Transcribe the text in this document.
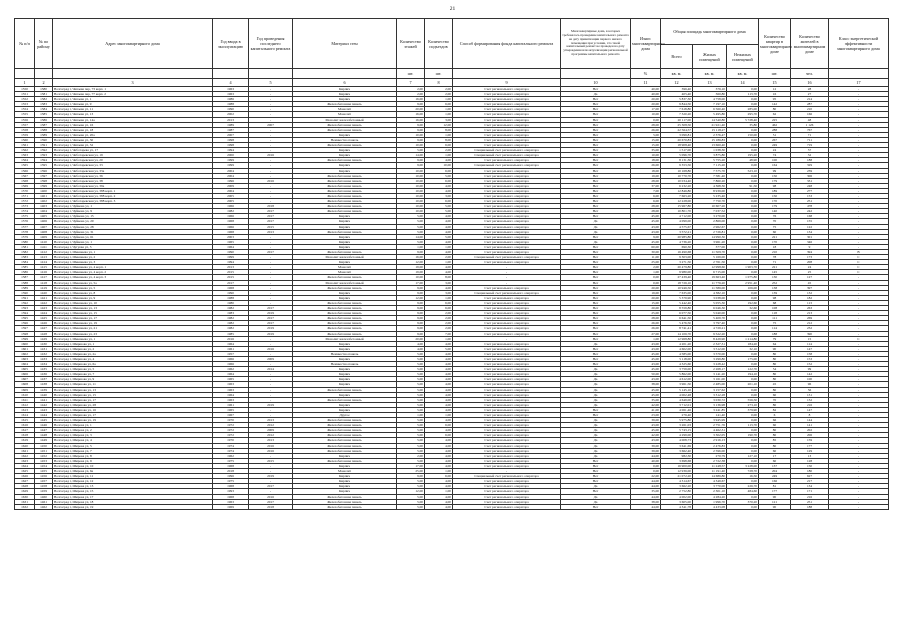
21
№ п/п	№ по району	Адрес многоквартирного дома	Год ввода в эксплуатацию	Год проведения последнего капитального ремонта	Материал стен	Количество этажей	Количество подъездов	Способ формирования фонда капитального ремонта	Многоквартирные дома, в которых требовалось проведение капитального ремонта на дату приватизации первого жилого помещения при условии, что такой капитальный ремонт не проведен на дату утверждения или актуализации региональной программы капитального ремонта	Износ многоквартирного дома	Общая площадь многоквартирного дома			Количество квартир в многоквартирном доме	Количество жителей в многоквартирном доме	Класс энергетической эффективности многоквартирного дома
											Всего	Жилых помещений	Нежилых помещений			
						шт.	шт.			%	кв. м.	кв. м.	кв. м.	шт.	чел.	
1	2	3	4	5	6	7	8	9	10	11	12	13	14	15	16	17
1550	1380	Волгоград г, Чапаева пер, 73 корп. 1	1963	-	Кирпич	2,00	2,00	Счет регионального оператора	Нет	40,00	396,40	376,10	0,00	12	28	-
1551	1381	Волгоград г, Чапаева пер, 77 корп. 2	1963	-	Кирпич	2,00	2,00	Счет регионального оператора	Да	40,00	405,40	360,80	113,70	16	27	-
1552	1382	Волгоград г, Чапаева ул, 1	1986	-	Кирпич	16,00	1,00	Счет регионального оператора	Нет	20,00	5 837,30	4 758,00	0,00	95	214	-
1553	1383	Волгоград г, Чапаева ул, 9	1988	-	Железобетонная панель	9,00	6,00	Счет регионального оператора	Нет	20,00	9 844,50	7 197,10	0,00	142	287	-
1554	1384	Волгоград г, Чапаева ул, 11	1990	-	Монолит	20,00	1,00	Счет регионального оператора	Нет	17,00	7 618,80	6 560,40	285,00	80	210	-
1555	1385	Волгоград г, Чапаева ул, 13	2002	-	Монолит	16,00	1,00	Счет регионального оператора	Нет	10,00	7 320,20	5 495,80	295,70	62	166	-
1556	1386	Волгоград г, Чапаева ул, 14а	2013	-	Монолит железобетонный	16,00	3,00	Счет регионального оператора	Нет	0,00	20 117,00	14 540,80	5 728,40	225	48	-
1557	1387	Волгоград г, Чапаева ул, 16	1989	2007	Железобетонная панель	9,00	12,00	Счет регионального оператора	Нет	28,00	25 308,50	21 921,40	35,80	462	1 126	-
1558	1388	Волгоград г, Чапаева ул, 18	1987	-	Железобетонная панель	9,00	8,00	Счет регионального оператора	Нет	26,00	22 564,57	15 118,27	0,00	288	767	-
1559	1389	Волгоград г, Чапаева ул, 20а	2007	-	Кирпич	10,00	1,00	Счет регионального оператора	Нет	5,00	3 099,81	2 376,47	150,00	51	71	-
1560	1390	Волгоград г, Чапаева ул, 30	1998	-	Неизвестно панель	9,00	8,00	Счет регионального оператора	Нет	15,00	20 670,83	15 186,83	0,00	267	711	-
1561	1391	Волгоград г, Чапаева ул, 32	1998	-	Железобетонная панель	10,00	6,00	Счет регионального оператора	Нет	15,00	18 908,40	13 660,40	0,00	249	719	-
1562	1392	Волгоград г, Чеботарева ул, 17	1994	-	Кирпич	5,00	2,00	Специальный счет регионального оператора	Нет	35,00	1 517,00	1 038,30	0,00	24	57	-
1563	1393	Волгоград г, Чеботаревская ул, 19	2000	2016	Кирпич	14,00	1,00	Специальный счет регионального оператора	Нет	10,00	5 096,70	3 875,80	195,20	74	32	-
1564	1394	Волгоград г, Чеботаревская ул, 20	1999	-	Железобетонная панель	9,00	4,00	Счет регионального оператора	Нет	18,00	8 131,30	5 755,20	48,90	100	188	-
1565	1395	Волгоград г, Чеботаревская ул, 33	1999	-	Кирпич	9,00	10,00	Специальный счет регионального оператора	Нет	26,00	9 353,50	7 115,20	0,00	164	329	-
1566	1396	Волгоград г, Чеботаревская ул, 33а	2004	-	Кирпич	10,00	6,00	Счет регионального оператора	Нет	18,00	10 168,80	7 575,70	523,10	99	239	-
1567	1397	Волгоград г, Чеботаревская ул, 36	2004	-	Железобетонная панель	10,00	5,00	Счет регионального оператора	Нет	19,00	10 770,70	7 581,40	0,00	150	306	-
1568	1398	Волгоград г, Чеботаревская ул, 38	1996	2016	Железобетонная панель	10,00	6,00	Счет регионального оператора	Нет	28,00	10 034,40	7 860,20	0,00	179	331	-
1569	1399	Волгоград г, Чеботаревская ул, 39а	2009	-	Железобетонная панель	10,00	4,00	Счет регионального оператора	Нет	37,00	6 232,20	4 368,30	91,50	98	248	-
1570	1400	Волгоград г, Чеботаревская ул, 388 корп. 1	2004	-	Железобетонная панель	10,00	4,00	Счет регионального оператора	Нет	7,00	12 846,80	8 939,00	0,00	189	277	-
1571	1401	Волгоград г, Чеботаревская ул, 388 корп. 2	2005	-	Железобетонная панель	10,00	3,00	Счет регионального оператора	Нет	6,00	7 663,20	5 235,40	0,00	150	153	-
1572	1402	Волгоград г, Чеботаревская ул, 388 корп. 3	2005	-	Железобетонная панель	10,00	6,00	Счет регионального оператора	Нет	6,00	12 228,00	7 750,70	0,00	170	251	-
1573	1403	Волгоград г, Чуйкова ул, 1	1966	2018	Железобетонная панель	10,00	5,00	Счет регионального оператора	Нет	28,00	15 967,80	10 607,20	0,00	179	478	-
1574	1404	Волгоград г, Чуйкова ул, 9	1982	2017	Железобетонная панель	10,00	5,00	Счет регионального оператора	Нет	28,00	10 801,70	7 037,52	0,00	140	242	-
1575	1405	Волгоград г, Чуйкова ул, 15	1966	2017	Кирпич	5,00	4,00	Счет регионального оператора	Нет	45,00	4 712,00	3 270,00	0,00	76	168	-
1576	1406	Волгоград г, Чуйкова ул, 20	1968	2017	Кирпич	5,00	4,00	Счет регионального оператора	Да	45,00	4 099,00	2 869,00	0,00	70	155	-
1577	1407	Волгоград г, Чуйкова ул, 28	1966	2015	Кирпич	5,00	4,00	Счет регионального оператора	Да	43,00	4 575,67	2 962,67	0,00	75	122	-
1578	1408	Волгоград г, Чуйкова ул, 31	1968	2013	Железобетонная панель	5,00	4,00	Счет регионального оператора	Да	43,00	3 572,21	2 726,81	0,00	60	134	-
1579	1409	Волгоград г, Чуйкова ул, 61	2003	-	Кирпич	14,00	5,00	Счет регионального оператора	Нет	9,00	20 985,80	14 990,30	0,00	221	301	-
1580	1410	Волгоград г, Чуйкова ул, 1	1965	-	Кирпич	5,00	4,00	Счет регионального оператора	Да	45,00	4 736,20	3 961,20	0,00	170	346	-
1581	1411	Волгоград г, Чугуева ул, 3	1964	-	Кирпич	1,00	1,00	Счет регионального оператора	Нет	60,00	690,30	377,00	0,00	18	9	-
1582	1412	Волгоград г, Шекшеева ул, 1	1990	2017	Железобетонная панель	9,00	4,00	Счет регионального оператора	Нет	30,00	16 490,68	11 509,70	0,00	210	394	B
1583	1413	Волгоград г, Шекшеева ул, 2	1999	-	Монолит железобетонный	16,00	2,00	Специальный счет регионального оператора	Нет	11,00	9 303,00	5 169,00	0,00	78	173	C
1584	1414	Волгоград г, Шекшеева ул, 3	1994	-	Кирпич	12,00	1,00	Счет регионального оператора	Нет	25,00	3 271,50	2 761,50	0,00	71	208	C
1585	1415	Волгоград г, Шекшеева ул, 4 корп. 1	2013	-	Монолит	19,00	4,00	-	Нет	2,00	20 479,80	12 998,60	1 903,70	221	24	C
1586	1416	Волгоград г, Шекшеева ул, 4 корп. 2	2015	-	Монолит	19,00	4,00	-	Нет	1,00	9 980,00	6 715,00	0,00	145	25	C
1587	1417	Волгоград г, Шекшеева ул, 4 корп. 3	2015	-	Железобетонная панель	10,00	8,00	-	Нет	0,00	27 439,40	19 663,40	1 075,80	130	127	-
1588	1418	Волгоград г, Шекшеева ул, 5а	2017	-	Монолит железобетонный	17,00	3,00	-	Нет	0,00	18 726,10	11 776,20	2 951,40	252	45	-
1589	1419	Волгоград г, Шекшеева ул, 5	1968	-	Железобетонная панель	9,00	4,00	Счет регионального оператора	Нет	20,00	10 946,50	11 586,00	106,00	138	397	-
1590	1420	Волгоград г, Шекшеева ул, 8	1990	-	Кирпич	9,00	3,00	Специальный счет регионального оператора	Нет	19,00	7 635,00	4 382,10	0,00	139	132	-
1591	1421	Волгоград г, Шекшеева ул, 9	1988	-	Кирпич	12,00	1,00	Счет регионального оператора	Нет	20,00	5 379,90	3 038,00	0,00	98	182	-
1592	1422	Волгоград г, Шекшеева ул, 10	1980	-	Железобетонная панель	9,00	6,00	Счет регионального оператора	Нет	15,00	5 442,40	5 055,30	192,60	68	113	-
1593	1423	Волгоград г, Шекшеева ул, 13	1982	2017	Железобетонная панель	9,00	6,00	Счет регионального оператора	Нет	20,00	8 559,80	6 046,30	32,60	108	263	-
1594	1424	Волгоград г, Шекшеева ул, 15	1983	2019	Железобетонная панель	9,00	2,00	Счет регионального оператора	Нет	25,00	6 077,50	5 040,00	0,00	118	213	-
1595	1425	Волгоград г, Шекшеева ул, 17	1982	2017	Железобетонная панель	9,00	2,00	Счет регионального оператора	Нет	28,00	6 641,50	5 409,70	0,00	111	269	-
1596	1426	Волгоград г, Шекшеева ул, 19	1982	2017	Железобетонная панель	9,00	2,00	Счет регионального оператора	Нет	26,00	5 476,50	3 797,40	0,00	75	212	-
1597	1427	Волгоград г, Шекшеева ул, 21	1982	2019	Железобетонная панель	9,00	2,00	Счет регионального оператора	Нет	26,00	8 741,41	4 729,21	0,00	114	232	-
1598	1428	Волгоград г, Шекшеева ул, 23	1985	2019	Железобетонная панель	9,00	7,00	Счет регионального оператора	Нет	27,00	14 106,70	9 522,20	0,00	188	390	-
1599	1429	Волгоград г, Шекшеева ул, 1	2016	-	Монолит железобетонный	20,00	1,00	-	Нет	1,00	12 968,80	8 429,90	1 214,80	79	15	C
1600	1430	Волгоград г, Ширшова ул, 1	1964	-	Кирпич	4,00	4,00	Счет регионального оператора	Да	43,00	4 201,20	2 327,31	184,20	64	114	-
1601	1431	Волгоград г, Ширшова ул, 2	1961	2016	Кирпич	4,00	5,00	Счет регионального оператора	Нет	43,00	4 602,00	3 512,00	32,10	90	147	-
1602	1432	Волгоград г, Ширшова ул, 2а	1957	-	Неизвестно панель	5,00	4,00	Счет регионального оператора	Нет	45,00	4 585,00	3 570,00	0,00	80	158	-
1603	1433	Волгоград г, Ширшова ул, 4	1966	2009	Кирпич	5,00	4,00	Счет регионального оператора	Нет	45,00	5 118,00	3 299,80	175,00	80	153	-
1604	1434	Волгоград г, Ширшова ул, 6а	1966	-	Неизвестно панель	5,00	4,00	Счет регионального оператора	Нет	43,00	4 325,60	3 228,42	0,00	80	152	-
1605	1435	Волгоград г, Ширшова ул, 5	1962	2014	Кирпич	5,00	4,00	Счет регионального оператора	Да	45,00	3 759,00	2 268,17	122,70	54	99	-
1606	1436	Волгоград г, Ширшова ул, 7	1964	-	Кирпич	5,00	4,00	Счет регионального оператора	Да	50,00	5 862,00	3 141,20	194,10	80	142	-
1607	1437	Волгоград г, Ширшова ул, 9	1965	-	Кирпич	5,00	4,00	Счет регионального оператора	Да	43,00	4 612,00	3 161,00	0,00	80	100	-
1608	1438	Волгоград г, Ширшова ул, 11	1963	-	Кирпич	5,00	4,00	Счет регионального оператора	Да	38,00	3 961,50	2 485,00	201,10	45	96	-
1609	1439	Волгоград г, Ширшова ул, 13	1963	-	Железобетонная панель	5,00	4,00	Счет регионального оператора	Да	45,00	5 145,10	3 157,62	0,00	80	56	-
1610	1440	Волгоград г, Ширшова ул, 15	1964	-	Кирпич	5,00	4,00	Счет регионального оператора	Да	45,00	4 002,48	3 312,28	0,00	60	131	-
1611	1441	Волгоград г, Ширшова ул, 17	1963	-	Железобетонная панель	5,00	4,00	Счет регионального оператора	Да	35,00	4 649,00	3 030,72	556,50	70	132	-
1612	1442	Волгоград г, Ширшова ул, 28	1961	2019	Кирпич	5,00	4,00	Счет регионального оператора	Да	42,00	3 712,01	3 136,98	273,10	80	216	-
1613	1443	Волгоград г, Ширшова ул, 16	1965	-	Кирпич	5,00	4,00	Счет регионального оператора	Нет	41,00	4 061,46	3 241,85	379,90	82	147	-
1614	1444	Волгоград г, Ширшова ул, 17	1967	-	Другое	1,00	1,00	Счет регионального оператора	Нет	23,00	276,40	141,40	0,00	6	8	-
1615	1445	Волгоград г, Ширшова ул, 19	1970	2013	Железобетонная панель	5,00	4,00	Счет регионального оператора	Да	39,00	5 975,80	3 945,99	0,00	66	144	-
1616	1446	Волгоград г, Широка ул, 1	1972	2012	Железобетонная панель	5,00	6,00	Счет регионального оператора	Да	43,00	3 261,03	2 751,76	113,70	60	141	-
1617	1447	Волгоград г, Широка ул, 2	1972	2009	Железобетонная панель	5,00	4,00	Счет регионального оператора	Да	45,00	5 743,15	4 462,31	0,00	80	202	-
1618	1448	Волгоград г, Широка ул, 3	1972	2012	Железобетонная панель	5,00	6,00	Счет регионального оператора	Да	42,00	4 299,00	3 302,05	190,70	80	206	-
1619	1449	Волгоград г, Широка ул, 4	1970	2013	Железобетонная панель	5,00	4,00	Счет регионального оператора	Да	43,00	4 008,73	2 916,13	0,00	85	159	-
1620	1450	Волгоград г, Широка ул, 5	1974	2016	Железобетонная панель	5,00	4,00	Счет регионального оператора	Да	39,00	3 641,69	2 476,83	0,00	80	177	-
1621	1451	Волгоград г, Широка ул, 7	1974	2016	Железобетонная панель	5,00	4,00	Счет регионального оператора	Да	39,00	3 662,40	2 596,00	0,00	60	129	-
1622	1452	Волгоград г, Широка ул, 8	1962	-	Кирпич	2,00	4,00	Счет регионального оператора	Да	44,00	982,30	270,79	127,10	17	13	-
1623	1453	Волгоград г, Широка ул, 9	1975	2015	Железобетонная панель	5,00	4,00	Счет регионального оператора	Нет	40,00	3 698,68	2 722,38	0,00	60	128	-
1624	1454	Волгоград г, Широка ул, 10	1968	-	Кирпич	17,00	4,00	Счет регионального оператора	Нет	0,00	16 900,00	11 248,57	3 228,00	137	150	-
1625	1455	Волгоград г, Широка ул, 6а	2018	-	Монолит	25,00	1,00	-	Нет	0,00	12 936,00	11 191,40	728,70	204	180	-
1626	1456	Волгоград г, Широка ул, 11	1996	2019	Кирпич	9,00	6,00	Специальный счет регионального оператора	Нет	22,00	21 072,20	14 686,80	16,50	249	627	-
1627	1457	Волгоград г, Широка ул, 12	1975	-	Кирпич	5,00	4,00	Счет регионального оператора	Нет	44,00	4 314,67	4 349,67	0,00	166	217	-
1628	1458	Волгоград г, Широка ул, 13	1968	2017	Кирпич	5,00	4,00	Счет регионального оператора	Да	44,00	3 662,20	3 770,00	226,70	81	134	-
1629	1459	Волгоград г, Широка ул, 15	1993	-	Кирпич	12,00	1,00	Счет регионального оператора	Нет	35,00	2 752,80	2 301,10	484,60	177	171	-
1630	1460	Волгоград г, Широка ул, 17	1968	2016	Железобетонная панель	5,00	4,00	Счет регионального оператора	Да	44,00	4 002,00	4 284,20	0,00	90	216	-
1631	1461	Волгоград г, Широка ул, 18	1963	2017	Железобетонная панель	5,00	4,00	Счет регионального оператора	Да	38,00	3 605,00	1 996,70	370,20	121	251	-
1632	1462	Волгоград г, Широка ул, 19	1969	2018	Железобетонная панель	5,00	4,00	Счет регионального оператора	Нет	44,00	4 341,78	4 433,08	0,00	90	188	-
